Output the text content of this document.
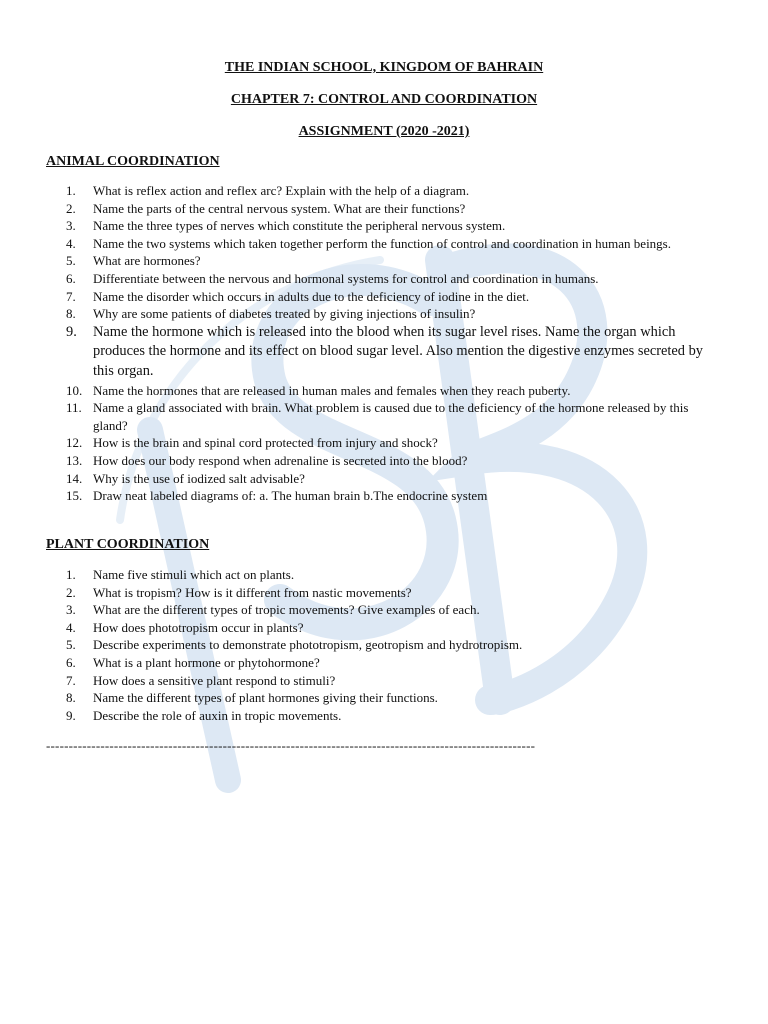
THE INDIAN SCHOOL, KINGDOM OF BAHRAIN
CHAPTER 7: CONTROL AND COORDINATION
ASSIGNMENT (2020 -2021)
ANIMAL COORDINATION
1.	What is reflex action and reflex arc? Explain with the help of a diagram.
2.	Name the parts of the central nervous system. What are their functions?
3.	Name the three types of nerves which constitute the peripheral nervous system.
4.	Name the two systems which taken together perform the function of control and coordination in human beings.
5.	What are hormones?
6.	Differentiate between the nervous and hormonal systems for control and coordination in humans.
7.	Name the disorder which occurs in adults due to the deficiency of iodine in the diet.
8.	Why are some patients of diabetes treated by giving injections of insulin?
9.	Name the hormone which is released into the blood when its sugar level rises. Name the organ which produces the hormone and its effect on blood sugar level. Also mention the digestive enzymes secreted by this organ.
10. Name the hormones that are released in human males and females when they reach puberty.
11. Name a gland associated with brain. What problem is caused due to the deficiency of the hormone released by this gland?
12. How is the brain and spinal cord protected from injury and shock?
13. How does our body respond when adrenaline is secreted into the blood?
14. Why is the use of iodized salt advisable?
15. Draw neat labeled diagrams of: a. The human brain b.The endocrine system
PLANT COORDINATION
1.	Name five stimuli which act on plants.
2.	What is tropism? How is it different from nastic movements?
3.	What are the different types of tropic movements? Give examples of each.
4.	How does phototropism occur in plants?
5.	Describe experiments to demonstrate phototropism, geotropism and hydrotropism.
6.	What is a plant hormone or phytohormone?
7.	How does a sensitive plant respond to stimuli?
8.	Name the different types of plant hormones giving their functions.
9.	Describe the role of auxin in tropic movements.
------------------------------------------------------------------------------------------------------------
